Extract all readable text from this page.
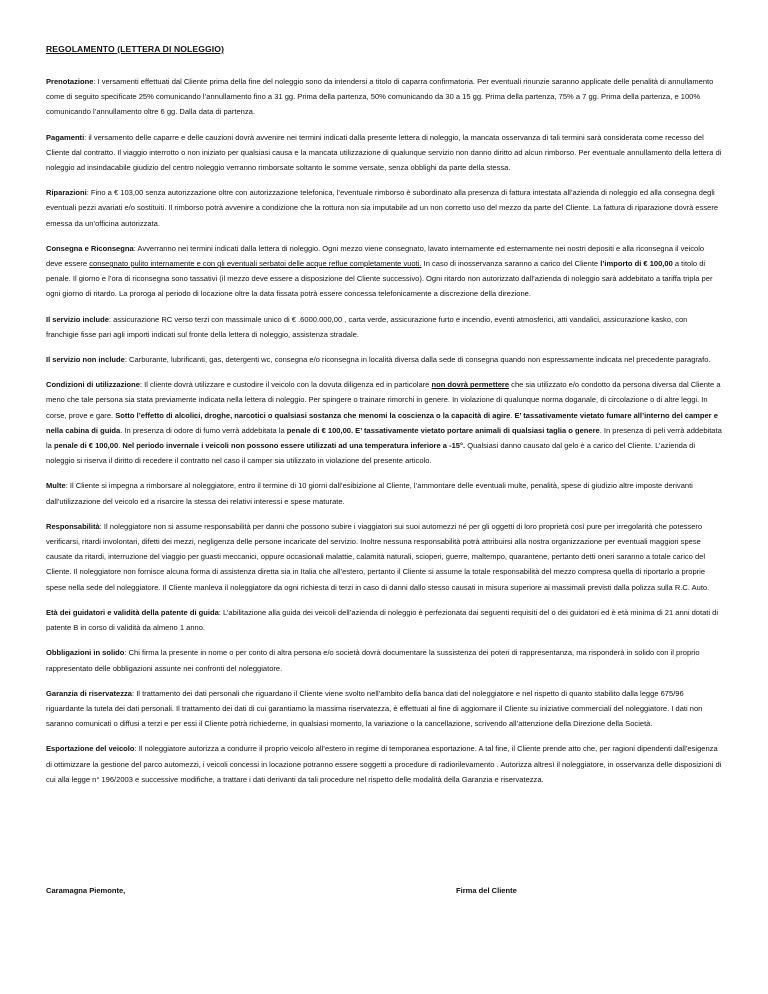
REGOLAMENTO (LETTERA DI NOLEGGIO)

Prenotazione: I versamenti effettuati dal Cliente prima della fine del noleggio sono da intendersi a titolo di caparra confirmatoria. Per eventuali rinunzie saranno applicate delle penalità di annullamento come di seguito specificate 25% comunicando l’annullamento fino a 31 gg. Prima della partenza, 50% comunicando da 30 a 15 gg. Prima della partenza, 75% a 7 gg. Prima della partenza, e 100% comunicando l’annullamento oltre 6 gg. Dalla data di partenza.

Pagamenti: il versamento delle caparre e delle cauzioni dovrà avvenire nei termini indicati dalla presente lettera di noleggio, la mancata osservanza di tali termini sarà considerata come recesso del Cliente dal contratto. Il viaggio interrotto o non iniziato per qualsiasi causa e la mancata utilizzazione di qualunque servizio non danno diritto ad alcun rimborso. Per eventuale annullamento della lettera di noleggio ad insindacabile giudizio del centro noleggio verranno rimborsate soltanto le somme versate, senza obblighi da parte della stessa.

Riparazioni: Fino a € 103,00 senza autorizzazione oltre con autorizzazione telefonica, l’eventuale rimborso è subordinato alla presenza di fattura intestata all’azienda di noleggio ed alla consegna degli eventuali pezzi avariati e/o sostituiti. Il rimborso potrà avvenire a condizione che la rottura non sia imputabile ad un non corretto uso del mezzo da parte del Cliente. La fattura di riparazione dovrà essere emessa da un’officina autorizzata.

Consegna e Riconsegna: Avverranno nei termini indicati dalla lettera di noleggio. Ogni mezzo viene consegnato, lavato internamente ed esternamente nei nostri depositi e alla riconsegna il veicolo deve essere consegnato pulito internamente e con gli eventuali serbatoi delle acque reflue completamente vuoti. In caso di inosservanza saranno a carico del Cliente l’importo di € 100,00 a titolo di penale. Il giorno e l’ora di riconsegna sono tassativi (il mezzo deve essere a disposizione del Cliente successivo). Ogni ritardo non autorizzato dall’azienda di noleggio sarà addebitato a tariffa tripla per ogni giorno di ritardo. La proroga al periodo di locazione oltre la data fissata potrà essere concessa telefonicamente a discrezione della direzione.

Il servizio include: assicurazione RC verso terzi con massimale unico di € .6000.000,00 , carta verde, assicurazione furto e incendio, eventi atmosferici, atti vandalici, assicurazione kasko, con franchigie fisse pari agli importi indicati sul fronte della lettera di noleggio, assistenza stradale.

Il servizio non include: Carburante, lubrificanti, gas, detergenti wc, consegna e/o riconsegna in località diversa dalla sede di consegna quando non espressamente indicata nel precedente paragrafo.

Condizioni di utilizzazione: Il cliente dovrà utilizzare e custodire il veicolo con la dovuta diligenza ed in particolare non dovrà permettere che sia utilizzato e/o condotto da persona diversa dal Cliente a meno che tale persona sia stata previamente indicata nella lettera di noleggio. Per spingere o trainare rimorchi in genere. In violazione di qualunque norma doganale, di circolazione o di altre leggi. In corse, prove e gare. Sotto l’effetto di alcolici, droghe, narcotici o qualsiasi sostanza che menomi la coscienza o la capacità di agire. E’ tassativamente vietato fumare all’interno del camper e nella cabina di guida. In presenza di odore di fumo verrà addebitata la penale di € 100,00. E’ tassativamente vietato portare animali di qualsiasi taglia o genere. In presenza di peli verrà addebitata la penale di € 100,00. Nel periodo invernale i veicoli non possono essere utilizzati ad una temperatura inferiore a -15°. Qualsiasi danno causato dal gelo è a carico del Cliente. L’azienda di noleggio si riserva il diritto di recedere il contratto nel caso il camper sia utilizzato in violazione del presente articolo.

Multe: Il Cliente si impegna a rimborsare al noleggiatore, entro il termine di 10 giorni dall’esibizione al Cliente, l’ammontare delle eventuali multe, penalità, spese di giudizio altre imposte derivanti dall’utilizzazione del veicolo ed a risarcire la stessa dei relativi interessi e spese maturate.

Responsabilità: Il noleggiatore non si assume responsabilità per danni che possono subire i viaggiatori sui suoi automezzi né per gli oggetti di loro proprietà così pure per irregolarità che potessero verificarsi, ritardi involontari, difetti dei mezzi, negligenza delle persone incaricate del servizio. Inoltre nessuna responsabilità potrà attribuirsi alla nostra organizzazione per eventuali maggiori spese causate da ritardi, interruzione del viaggio per guasti meccanici, oppure occasionali malattie, calamità naturali, scioperi, guerre, maltempo, quarantene, pertanto detti oneri saranno a totale carico del Cliente. Il noleggiatore non fornisce alcuna forma di assistenza diretta sia in Italia che all’estero, pertanto il Cliente si assume la totale responsabilità del mezzo compresa quella di riportarlo a proprie spese nella sede del noleggiatore. Il Cliente manleva il noleggiatore da ogni richiesta di terzi in caso di danni dallo stesso causati in misura superiore ai massimali previsti dalla polizza sulla R.C. Auto.

Età dei guidatori e validità della patente di guida: L’abilitazione alla guida dei veicoli dell’azienda di noleggio è perfezionata dai seguenti requisiti del o dei guidatori ed è età minima di 21 anni dotati di patente B in corso di validità da almeno 1 anno.

Obbligazioni in solido: Chi firma la presente in nome o per conto di altra persona e/o società dovrà documentare la sussistenza dei poteri di rappresentanza, ma risponderà in solido con il proprio rappresentato delle obbligazioni assunte nei confronti del noleggiatore.

Garanzia di riservatezza: Il trattamento dei dati personali che riguardano il Cliente viene svolto nell’ambito della banca dati del noleggiatore e nel rispetto di quanto stabilito dalla legge 675/96 riguardante la tutela dei dati personali. Il trattamento dei dati di cui garantiamo la massima riservatezza, è effettuati al fine di aggiornare il Cliente su iniziative commerciali del noleggiatore. I dati non saranno comunicati o diffusi a terzi e per essi il Cliente potrà richiederne, in qualsiasi momento, la variazione o la cancellazione, scrivendo all’attenzione della Direzione della Società.

Esportazione del veicolo: Il noleggiatore autorizza a condurre il proprio veicolo all’estero in regime di temporanea esportazione. A tal fine, il Cliente prende atto che, per ragioni dipendenti dall’esigenza di ottimizzare la gestione del parco automezzi, i veicoli concessi in locazione potranno essere soggetti a procedure di radiorilevamento . Autorizza altresì il noleggiatore, in osservanza delle disposizioni di cui alla legge n° 196/2003 e successive modifiche, a trattare i dati derivanti da tali procedure nel rispetto delle modalità della Garanzia e riservatezza.

Caramagna Piemonte,	Firma del Cliente
